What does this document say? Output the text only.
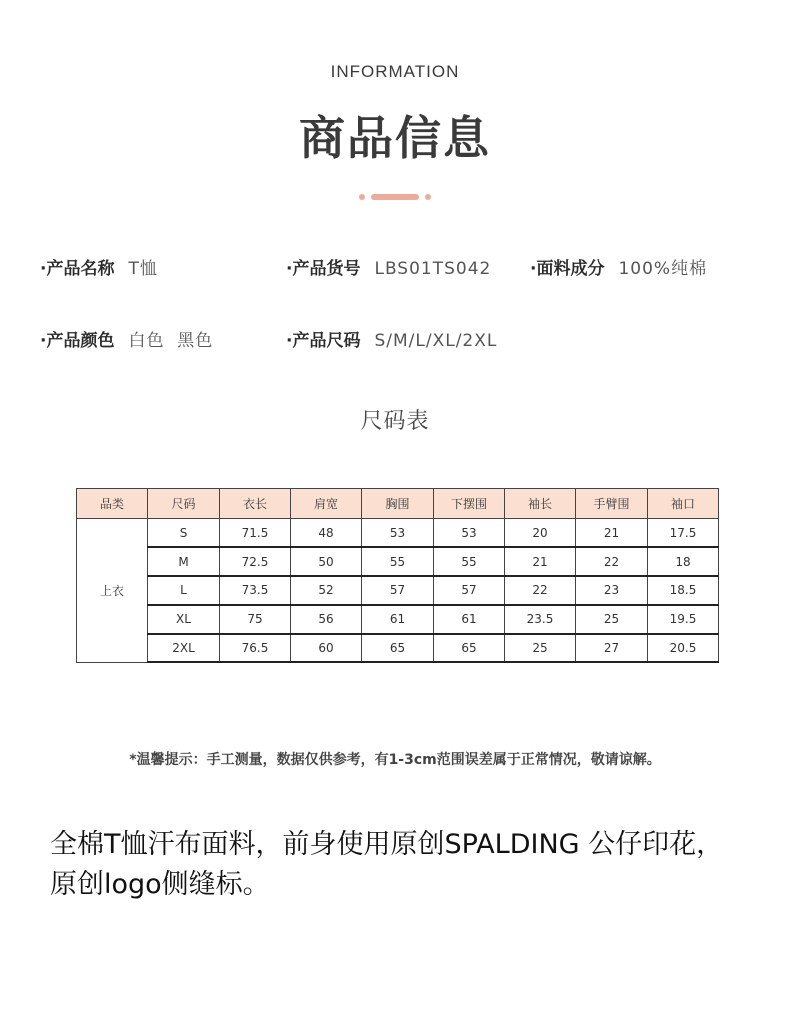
INFORMATION
商品信息
·产品名称 T恤	·产品货号 LBS01TS042 ·面料成分 100%纯棉
·产品颜色 白色  黑色	·产品尺码 S/M/L/XL/2XL
尺码表
品类	尺码	衣长	肩宽	胸围	下摆围	袖长	手臂围	袖口
上衣	S	71.5	48	53	53	20	21	17.5
	M	72.5	50	55	55	21	22	18
	L	73.5	52	57	57	22	23	18.5
	XL	75	56	61	61	23.5	25	19.5
	2XL	76.5	60	65	65	25	27	20.5
*温馨提示：手工测量，数据仅供参考，有1-3cm范围误差属于正常情况，敬请谅解。
全棉T恤汗布面料，前身使用原创SPALDING 公仔印花，原创logo侧缝标。
